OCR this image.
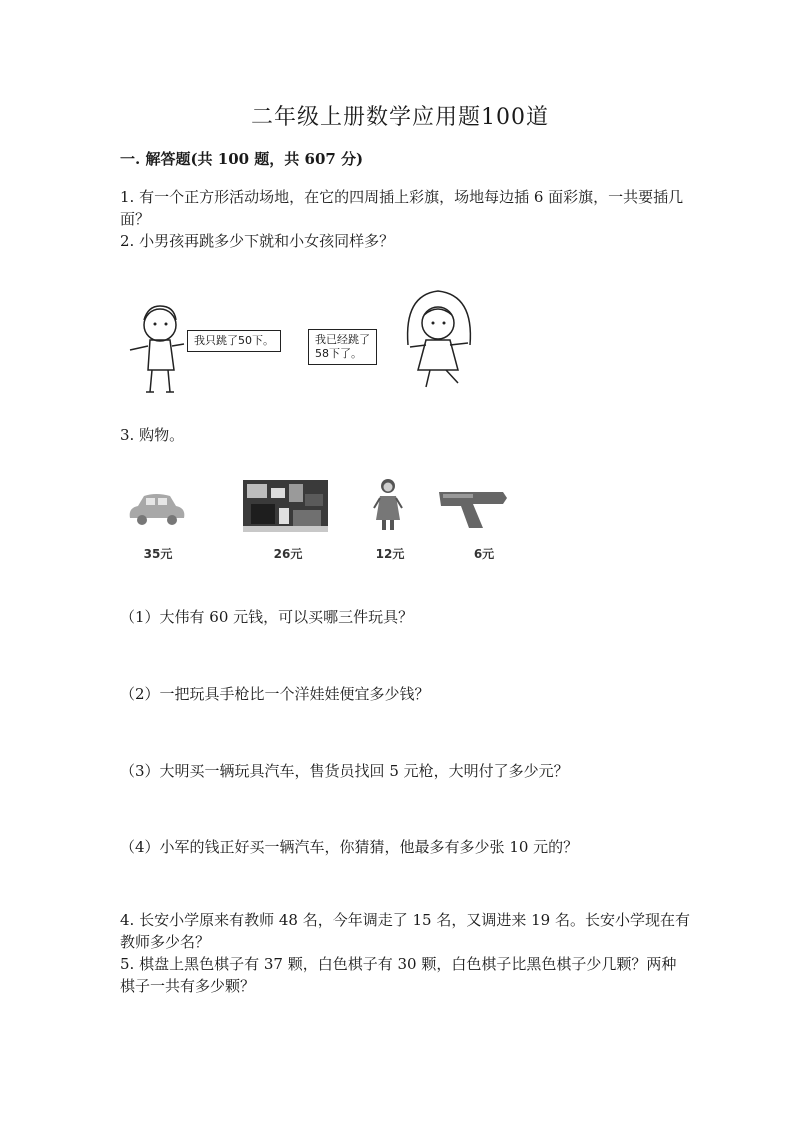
二年级上册数学应用题100道
一. 解答题(共 100 题，共 607 分)
1. 有一个正方形活动场地，在它的四周插上彩旗，场地每边插 6 面彩旗，一共要插几面？
2. 小男孩再跳多少下就和小女孩同样多？
我只跳了50下。	我已经跳了
58下了。
3. 购物。
35元	26元	12元	6元
（1）大伟有 60 元钱，可以买哪三件玩具？
（2）一把玩具手枪比一个洋娃娃便宜多少钱？
（3）大明买一辆玩具汽车，售货员找回 5 元枪，大明付了多少元？
（4）小军的钱正好买一辆汽车，你猜猜，他最多有多少张 10 元的？
4. 长安小学原来有教师 48 名，今年调走了 15 名，又调进来 19 名。长安小学现在有教师多少名？
5. 棋盘上黑色棋子有 37 颗，白色棋子有 30 颗，白色棋子比黑色棋子少几颗？两种棋子一共有多少颗？
